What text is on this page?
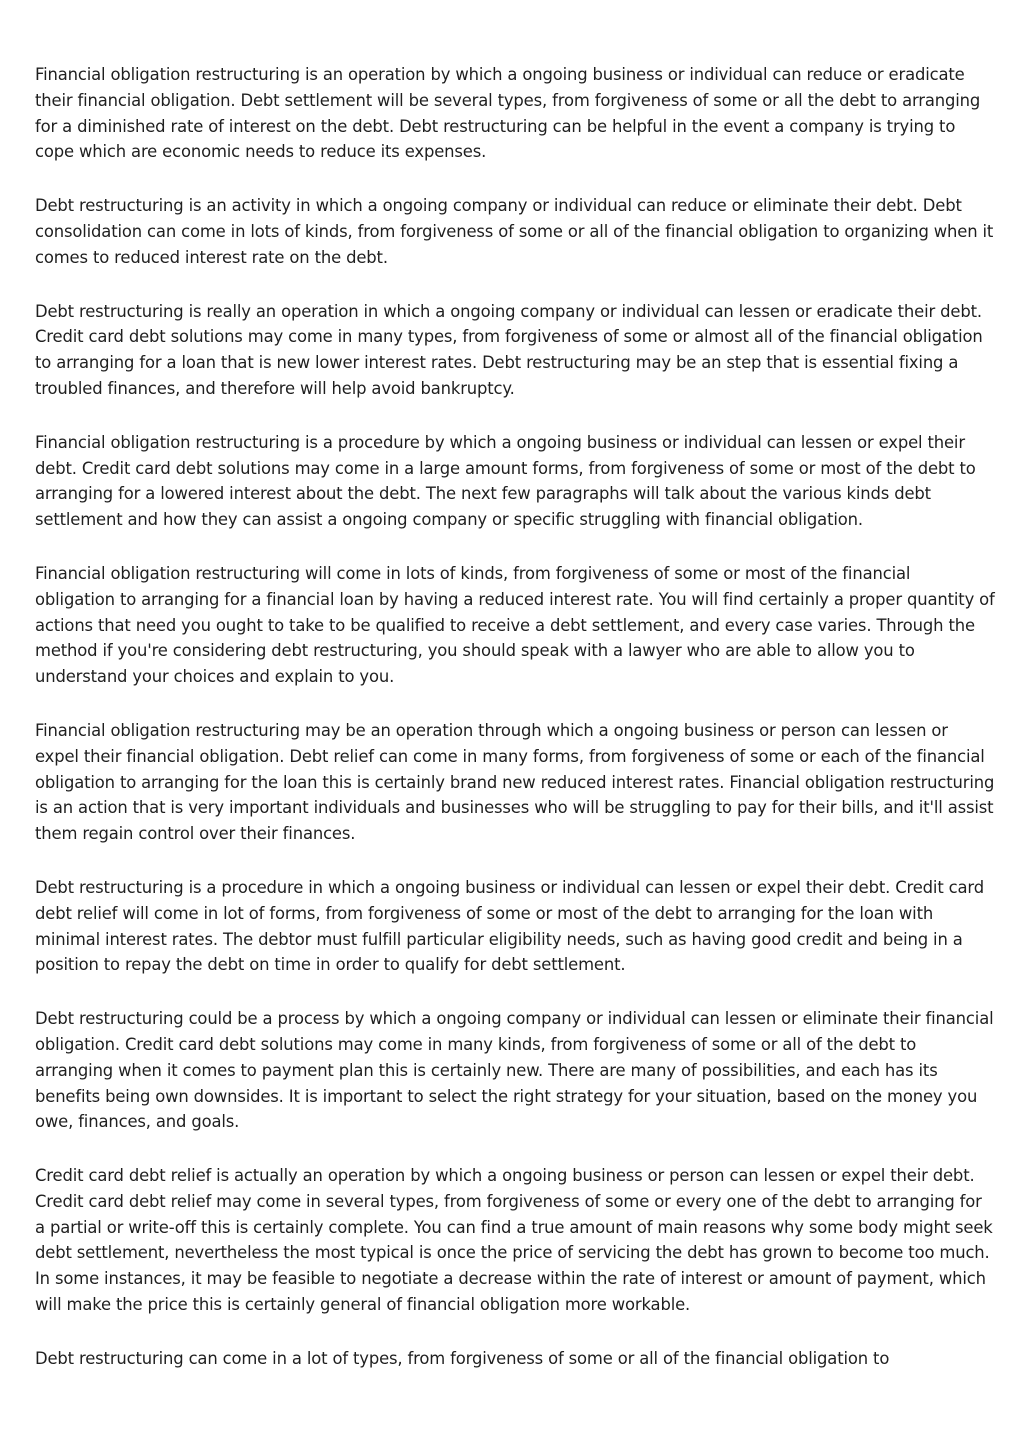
Financial obligation restructuring is an operation by which a ongoing business or individual can reduce or eradicate their financial obligation. Debt settlement will be several types, from forgiveness of some or all the debt to arranging for a diminished rate of interest on the debt. Debt restructuring can be helpful in the event a company is trying to cope which are economic needs to reduce its expenses.

Debt restructuring is an activity in which a ongoing company or individual can reduce or eliminate their debt. Debt consolidation can come in lots of kinds, from forgiveness of some or all of the financial obligation to organizing when it comes to reduced interest rate on the debt.

Debt restructuring is really an operation in which a ongoing company or individual can lessen or eradicate their debt. Credit card debt solutions may come in many types, from forgiveness of some or almost all of the financial obligation to arranging for a loan that is new lower interest rates. Debt restructuring may be an step that is essential fixing a troubled finances, and therefore will help avoid bankruptcy.

Financial obligation restructuring is a procedure by which a ongoing business or individual can lessen or expel their debt. Credit card debt solutions may come in a large amount forms, from forgiveness of some or most of the debt to arranging for a lowered interest about the debt. The next few paragraphs will talk about the various kinds debt settlement and how they can assist a ongoing company or specific struggling with financial obligation.

Financial obligation restructuring will come in lots of kinds, from forgiveness of some or most of the financial obligation to arranging for a financial loan by having a reduced interest rate. You will find certainly a proper quantity of actions that need you ought to take to be qualified to receive a debt settlement, and every case varies. Through the method if you're considering debt restructuring, you should speak with a lawyer who are able to allow you to understand your choices and explain to you.

Financial obligation restructuring may be an operation through which a ongoing business or person can lessen or expel their financial obligation. Debt relief can come in many forms, from forgiveness of some or each of the financial obligation to arranging for the loan this is certainly brand new reduced interest rates. Financial obligation restructuring is an action that is very important individuals and businesses who will be struggling to pay for their bills, and it'll assist them regain control over their finances.

Debt restructuring is a procedure in which a ongoing business or individual can lessen or expel their debt. Credit card debt relief will come in lot of forms, from forgiveness of some or most of the debt to arranging for the loan with minimal interest rates. The debtor must fulfill particular eligibility needs, such as having good credit and being in a position to repay the debt on time in order to qualify for debt settlement.

Debt restructuring could be a process by which a ongoing company or individual can lessen or eliminate their financial obligation. Credit card debt solutions may come in many kinds, from forgiveness of some or all of the debt to arranging when it comes to payment plan this is certainly new. There are many of possibilities, and each has its benefits being own downsides. It is important to select the right strategy for your situation, based on the money you owe, finances, and goals.

Credit card debt relief is actually an operation by which a ongoing business or person can lessen or expel their debt. Credit card debt relief may come in several types, from forgiveness of some or every one of the debt to arranging for a partial or write-off this is certainly complete. You can find a true amount of main reasons why some body might seek debt settlement, nevertheless the most typical is once the price of servicing the debt has grown to become too much. In some instances, it may be feasible to negotiate a decrease within the rate of interest or amount of payment, which will make the price this is certainly general of financial obligation more workable.

Debt restructuring can come in a lot of types, from forgiveness of some or all of the financial obligation to
